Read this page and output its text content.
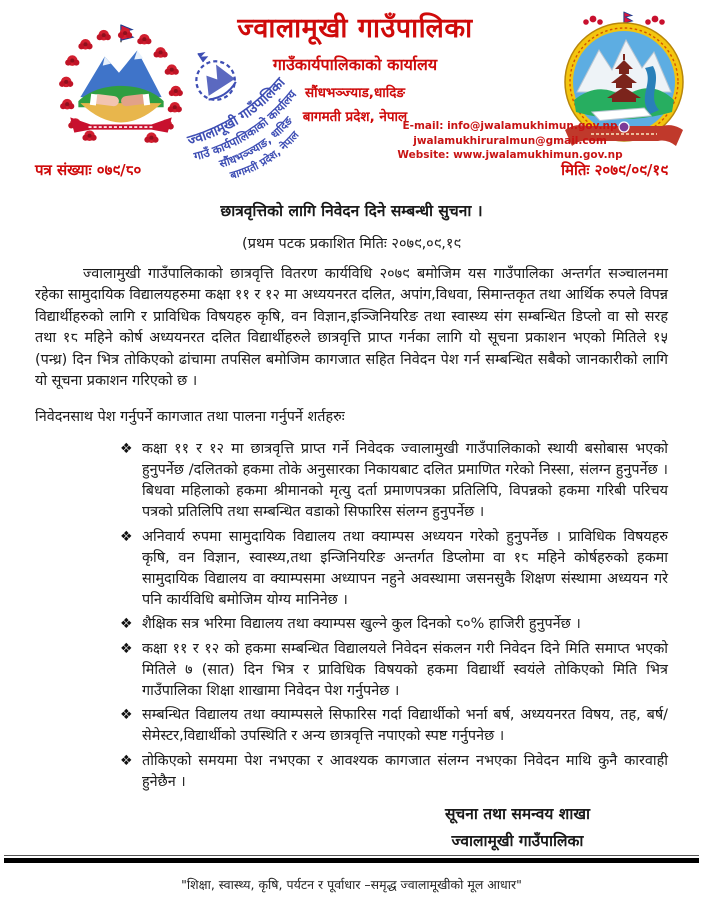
ज्वालामूखी गाउँपालिका
गाउँ कार्यपालिकाको कार्यालय
सौंधभञ्ज्याङ, धादिङ
बागमती प्रदेश, नेपाल
ज्वालामूखी गाउँपालिका
गाउँकार्यपालिकाको कार्यालय
सौंधभञ्ज्याड,धादिङ
बागमती प्रदेश, नेपाल
E-mail: info@jwalamukhimun.gov.np
jwalamukhiruralmun@gmail.com
Website: www.jwalamukhimun.gov.np
पत्र संख्याः ०७९/८०	मितिः २०७९/०९/१९
छात्रवृत्तिको लागि निवेदन दिने सम्बन्धी सुचना ।
(प्रथम पटक प्रकाशित मितिः २०७९,०९,१९

ज्वालामुखी गाउँपालिकाको छात्रवृत्ति वितरण कार्यविधि २०७९ बमोजिम यस गाउँपालिका अन्तर्गत सञ्चालनमा रहेका सामुदायिक विद्यालयहरुमा कक्षा ११ र १२ मा अध्ययनरत दलित, अपांग,विधवा, सिमान्तकृत तथा आर्थिक रुपले विपन्न विद्यार्थीहरुको लागि र प्राविधिक विषयहरु कृषि, वन विज्ञान,इञ्जिनियरिङ तथा स्वास्थ्य संग सम्बन्धित डिप्लो वा सो सरह तथा १८ महिने कोर्ष अध्ययनरत दलित विद्यार्थीहरुले छात्रवृत्ति प्राप्त गर्नका लागि यो सूचना प्रकाशन भएको मितिले १५ (पन्ध्र) दिन भित्र तोकिएको ढांचामा तपसिल बमोजिम कागजात सहित निवेदन पेश गर्न सम्बन्धित सबैको जानकारीको लागि यो सूचना प्रकाशन गरिएको छ ।

निवेदनसाथ पेश गर्नुपर्ने कागजात तथा पालना गर्नुपर्ने शर्तहरुः
❖ कक्षा ११ र १२ मा छात्रवृत्ति प्राप्त गर्ने निवेदक ज्वालामुखी गाउँपालिकाको स्थायी बसोबास भएको हुनुपर्नेछ /दलितको हकमा तोके अनुसारका निकायबाट दलित प्रमाणित गरेको निस्सा, संलग्न हुनुपर्नेछ । बिधवा महिलाको हकमा श्रीमानको मृत्यु दर्ता प्रमाणपत्रका प्रतिलिपि, विपन्नको हकमा गरिबी परिचय पत्रको प्रतिलिपि तथा सम्बन्धित वडाको सिफारिस संलग्न हुनुपर्नेछ ।
❖ अनिवार्य रुपमा सामुदायिक विद्यालय तथा क्याम्पस अध्ययन गरेको हुनुपर्नेछ । प्राविधिक विषयहरु कृषि, वन विज्ञान, स्वास्थ्य,तथा इन्जिनियरिङ अन्तर्गत डिप्लोमा वा १८ महिने कोर्षहरुको हकमा सामुदायिक विद्यालय वा क्याम्पसमा अध्यापन नहुने अवस्थामा जसनसुकै शिक्षण संस्थामा अध्ययन गरे पनि कार्यविधि बमोजिम योग्य मानिनेछ ।
❖ शैक्षिक सत्र भरिमा विद्यालय तथा क्याम्पस खुल्ने कुल दिनको ८०% हाजिरी हुनुपर्नेछ ।
❖ कक्षा ११ र १२ को हकमा सम्बन्धित विद्यालयले निवेदन संकलन गरी निवेदन दिने मिति समाप्त भएको मितिले ७ (सात) दिन भित्र र प्राविधिक विषयको हकमा विद्यार्थी स्वयंले तोकिएको मिति भित्र गाउँपालिका शिक्षा शाखामा निवेदन पेश गर्नुपनेछ ।
❖ सम्बन्धित विद्यालय तथा क्याम्पसले सिफारिस गर्दा विद्यार्थीको भर्ना बर्ष, अध्ययनरत विषय, तह, बर्ष/सेमेस्टर,विद्यार्थीको उपस्थिति र अन्य छात्रवृत्ति नपाएको स्पष्ट गर्नुपनेछ ।
❖ तोकिएको समयमा पेश नभएका र आवश्यक कागजात संलग्न नभएका निवेदन माथि कुनै कारवाही हुनेछैन ।
सूचना तथा समन्वय शाखा
ज्वालामूखी गाउँपालिका
"शिक्षा, स्वास्थ्य, कृषि, पर्यटन र पूर्वाधार –समृद्ध ज्वालामूखीको मूल आधार"
